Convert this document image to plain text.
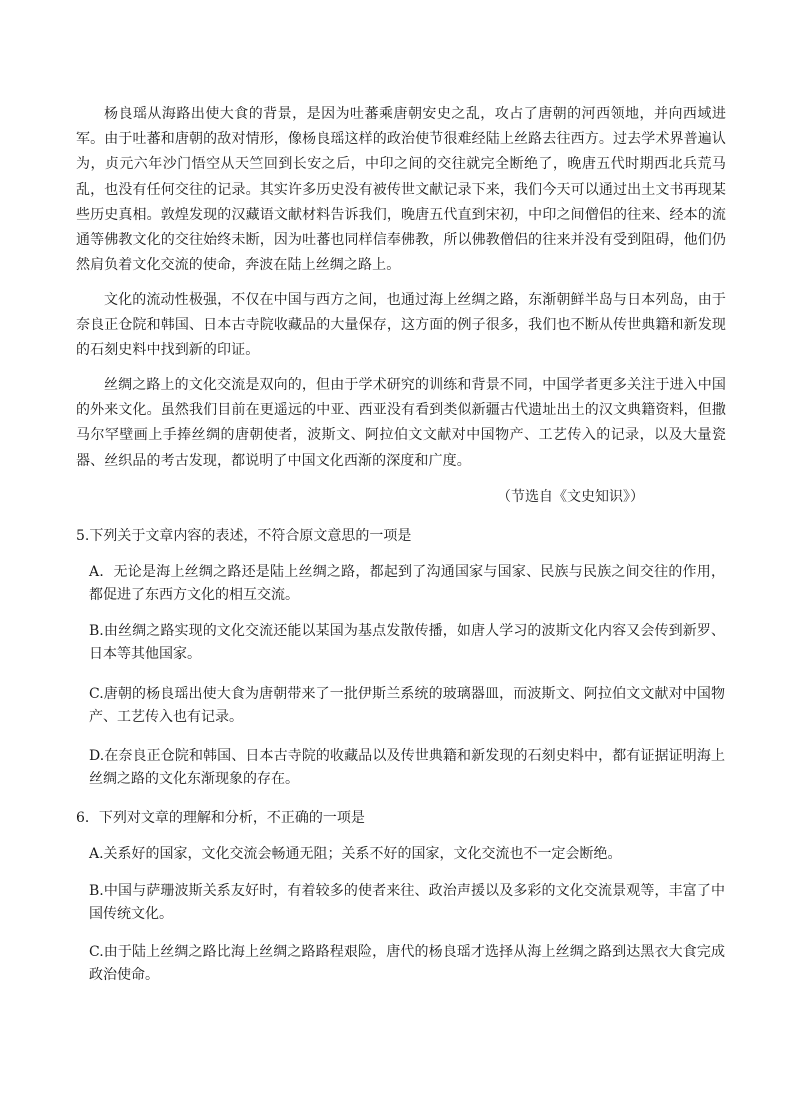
杨良瑶从海路出使大食的背景，是因为吐蕃乘唐朝安史之乱，攻占了唐朝的河西领地，并向西域进军。由于吐蕃和唐朝的敌对情形，像杨良瑶这样的政治使节很难经陆上丝路去往西方。过去学术界普遍认为，贞元六年沙门悟空从天竺回到长安之后，中印之间的交往就完全断绝了，晚唐五代时期西北兵荒马乱，也没有任何交往的记录。其实许多历史没有被传世文献记录下来，我们今天可以通过出土文书再现某些历史真相。敦煌发现的汉藏语文献材料告诉我们，晚唐五代直到宋初，中印之间僧侣的往来、经本的流通等佛教文化的交往始终未断，因为吐蕃也同样信奉佛教，所以佛教僧侣的往来并没有受到阻碍，他们仍然肩负着文化交流的使命，奔波在陆上丝绸之路上。

文化的流动性极强，不仅在中国与西方之间，也通过海上丝绸之路，东渐朝鲜半岛与日本列岛，由于奈良正仓院和韩国、日本古寺院收藏品的大量保存，这方面的例子很多，我们也不断从传世典籍和新发现的石刻史料中找到新的印证。

丝绸之路上的文化交流是双向的，但由于学术研究的训练和背景不同，中国学者更多关注于进入中国的外来文化。虽然我们目前在更遥远的中亚、西亚没有看到类似新疆古代遗址出土的汉文典籍资料，但撒马尔罕壁画上手捧丝绸的唐朝使者，波斯文、阿拉伯文文献对中国物产、工艺传入的记录，以及大量瓷器、丝织品的考古发现，都说明了中国文化西渐的深度和广度。

（节选自《文史知识》）

5.下列关于文章内容的表述，不符合原文意思的一项是

A．无论是海上丝绸之路还是陆上丝绸之路，都起到了沟通国家与国家、民族与民族之间交往的作用，都促进了东西方文化的相互交流。

B.由丝绸之路实现的文化交流还能以某国为基点发散传播，如唐人学习的波斯文化内容又会传到新罗、日本等其他国家。

C.唐朝的杨良瑶出使大食为唐朝带来了一批伊斯兰系统的玻璃器皿，而波斯文、阿拉伯文文献对中国物产、工艺传入也有记录。

D.在奈良正仓院和韩国、日本古寺院的收藏品以及传世典籍和新发现的石刻史料中，都有证据证明海上丝绸之路的文化东渐现象的存在。

6．下列对文章的理解和分析，不正确的一项是

A.关系好的国家，文化交流会畅通无阻；关系不好的国家，文化交流也不一定会断绝。

B.中国与萨珊波斯关系友好时，有着较多的使者来往、政治声援以及多彩的文化交流景观等，丰富了中国传统文化。

C.由于陆上丝绸之路比海上丝绸之路路程艰险，唐代的杨良瑶才选择从海上丝绸之路到达黑衣大食完成政治使命。
